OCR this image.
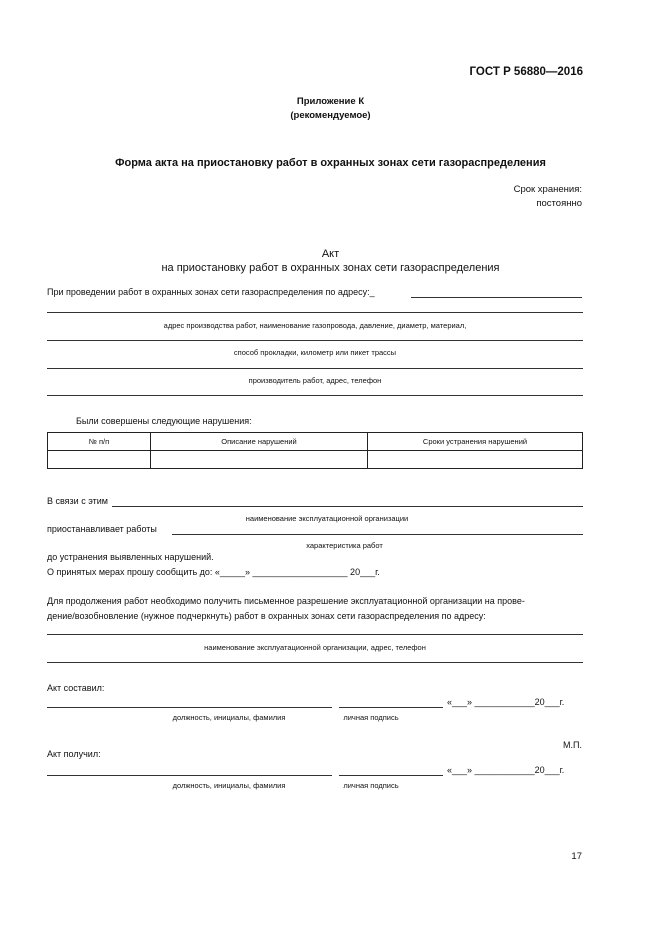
ГОСТ Р 56880—2016
Приложение К
(рекомендуемое)
Форма акта на приостановку работ в охранных зонах сети газораспределения
Срок хранения:
постоянно
Акт
на приостановку работ в охранных зонах сети газораспределения
При проведении работ в охранных зонах сети газораспределения по адресу:_
адрес производства работ, наименование газопровода, давление, диаметр, материал,
способ прокладки, километр или пикет трассы
производитель работ, адрес, телефон
Были совершены следующие нарушения:
№ п/п	Описание нарушений	Сроки устранения нарушений

В связи с этим
наименование эксплуатационной организации
приостанавливает работы
характеристика работ
до устранения выявленных нарушений.
О принятых мерах прошу сообщить до: «_____» ___________________ 20___г.
Для продолжения работ необходимо получить письменное разрешение эксплуатационной организации на прове-
дение/возобновление (нужное подчеркнуть) работ в охранных зонах сети газораспределения по адресу:
наименование эксплуатационной организации, адрес, телефон
Акт составил:
«___» ____________20___г.
должность, инициалы, фамилия	личная подпись
М.П.
Акт получил:
«___» ____________20___г.
должность, инициалы, фамилия	личная подпись
17
